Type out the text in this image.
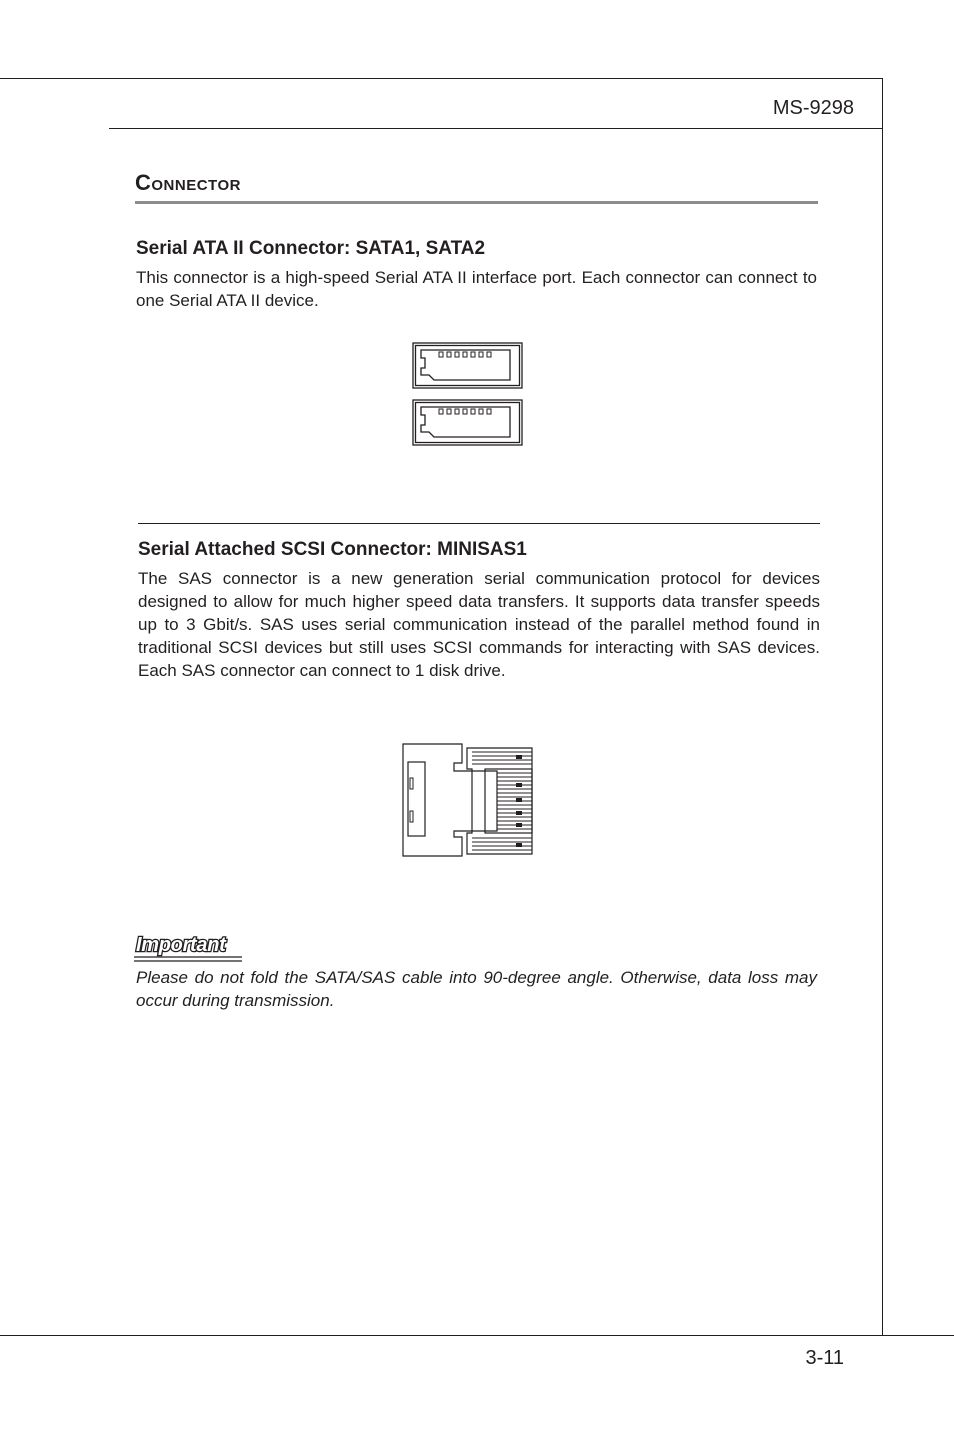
MS-9298
Connector
Serial ATA II Connector: SATA1, SATA2
This connector is a high-speed Serial ATA II interface port. Each connector can connect to one Serial ATA II device.
Serial Attached SCSI Connector: MINISAS1
The SAS connector is a new generation serial communication protocol for devices designed to allow for much higher speed data transfers. It supports data transfer speeds up to 3 Gbit/s. SAS uses serial communication instead of the parallel method found in traditional SCSI devices but still uses SCSI commands for interacting with SAS devices. Each SAS connector can connect to 1 disk drive.
Important
Please do not fold the SATA/SAS cable into 90-degree angle. Otherwise, data loss may occur during transmission.
3-11
